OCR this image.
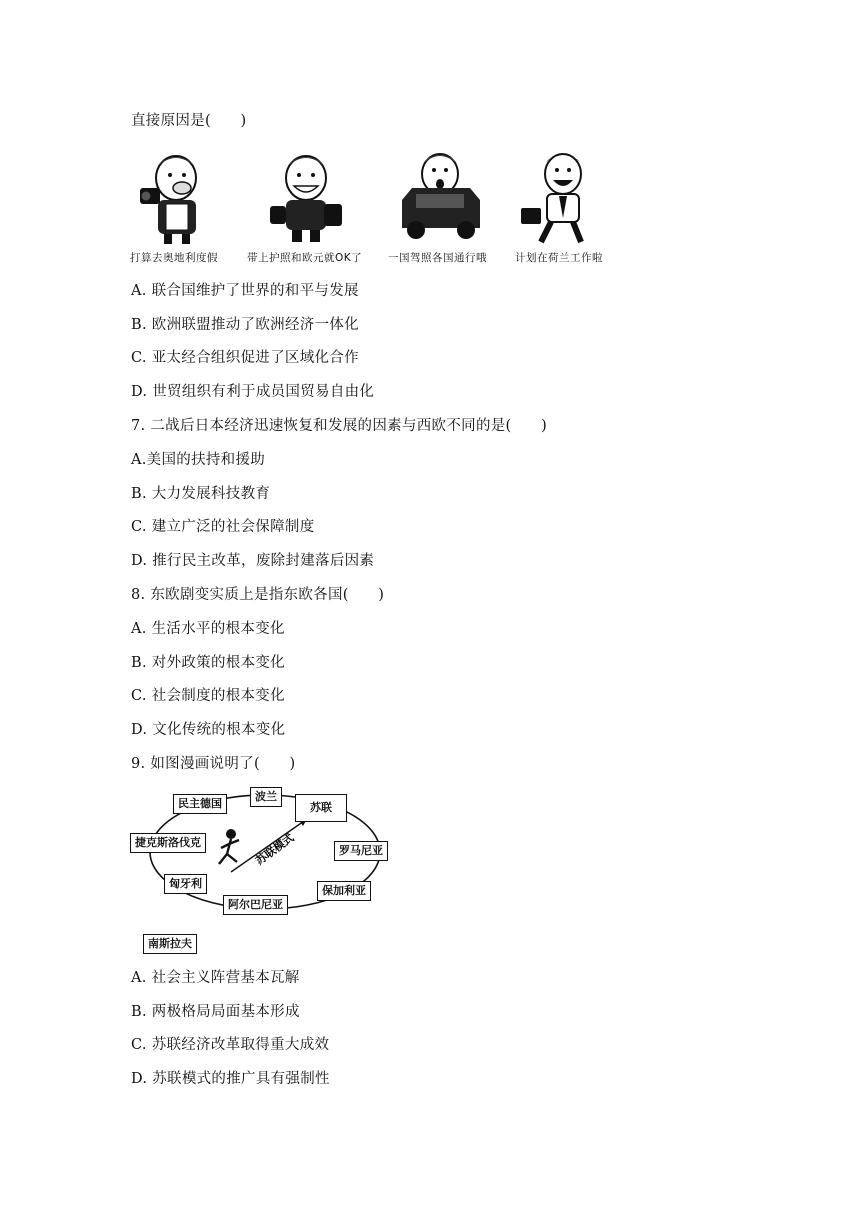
直接原因是(　　)
打算去奥地利度假	带上护照和欧元就OK了 一国驾照各国通行哦	计划在荷兰工作啦
A. 联合国维护了世界的和平与发展
B. 欧洲联盟推动了欧洲经济一体化
C. 亚太经合组织促进了区域化合作
D. 世贸组织有利于成员国贸易自由化
7. 二战后日本经济迅速恢复和发展的因素与西欧不同的是(　　)
A.美国的扶持和援助
B. 大力发展科技教育
C. 建立广泛的社会保障制度
D. 推行民主改革，废除封建落后因素
8. 东欧剧变实质上是指东欧各国(　　)
A. 生活水平的根本变化
B. 对外政策的根本变化
C. 社会制度的根本变化
D. 文化传统的根本变化
9. 如图漫画说明了(　　)
苏联模式
民主德国
波兰
苏联
捷克斯洛伐克
罗马尼亚
匈牙利
保加利亚
阿尔巴尼亚
南斯拉夫
A. 社会主义阵营基本瓦解
B. 两极格局局面基本形成
C. 苏联经济改革取得重大成效
D. 苏联模式的推广具有强制性
